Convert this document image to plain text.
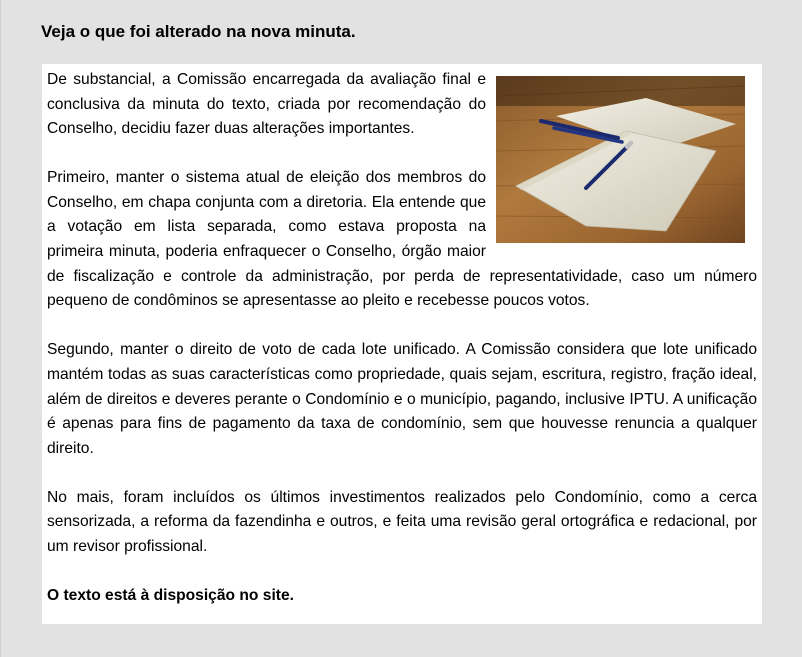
Veja o que foi alterado na nova minuta.

De substancial, a Comissão encarregada da avaliação final e conclusiva da minuta do texto, criada por recomendação do Conselho, decidiu fazer duas alterações importantes.

Primeiro, manter o sistema atual de eleição dos membros do Conselho, em chapa conjunta com a diretoria. Ela entende que a votação em lista separada, como estava proposta na primeira minuta, poderia enfraquecer o Conselho, órgão maior de fiscalização e controle da administração, por perda de representatividade, caso um número pequeno de condôminos se apresentasse ao pleito e recebesse poucos votos.

Segundo, manter o direito de voto de cada lote unificado. A Comissão considera que lote unificado mantém todas as suas características como propriedade, quais sejam, escritura, registro, fração ideal, além de direitos e deveres perante o Condomínio e o município, pagando, inclusive IPTU. A unificação é apenas para fins de pagamento da taxa de condomínio, sem que houvesse renuncia a qualquer direito.

No mais, foram incluídos os últimos investimentos realizados pelo Condomínio, como a cerca sensorizada, a reforma da fazendinha e outros, e feita uma revisão geral ortográfica e redacional, por um revisor profissional.

O texto está à disposição no site.
